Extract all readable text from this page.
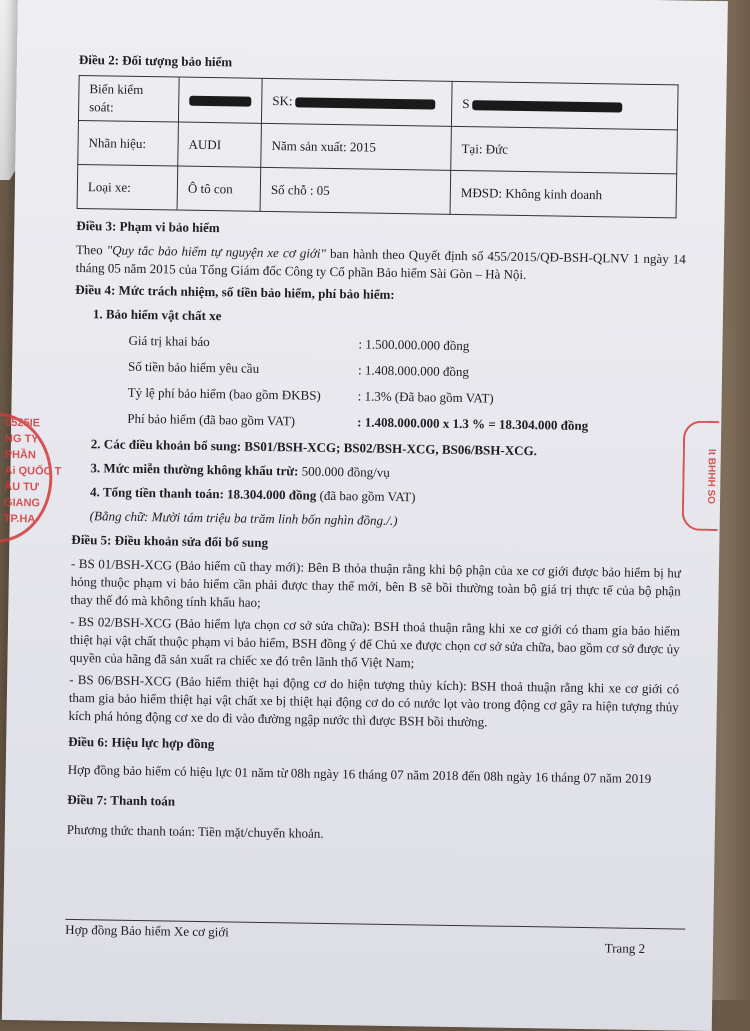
Điều 2: Đối tượng bảo hiểm
Biển kiểm soát:		SK:	S
Nhãn hiệu:	AUDI	Năm sản xuất: 2015	Tại: Đức
Loại xe:	Ô tô con	Số chỗ : 05	MĐSD: Không kinh doanh
Điều 3: Phạm vi bảo hiểm

Theo "Quy tắc bảo hiểm tự nguyện xe cơ giới" ban hành theo Quyết định số 455/2015/QĐ-BSH-QLNV 1 ngày 14 tháng 05 năm 2015 của Tổng Giám đốc Công ty Cổ phần Bảo hiểm Sài Gòn – Hà Nội.

Điều 4: Mức trách nhiệm, số tiền bảo hiểm, phí bảo hiểm:
1. Bảo hiểm vật chất xe
Giá trị khai báo	: 1.500.000.000 đồng
Số tiền bảo hiểm yêu cầu	: 1.408.000.000 đồng
Tỷ lệ phí bảo hiểm (bao gồm ĐKBS)	: 1.3% (Đã bao gồm VAT)
Phí bảo hiểm (đã bao gồm VAT)	: 1.408.000.000 x 1.3 % = 18.304.000 đồng
2. Các điều khoản bổ sung: BS01/BSH-XCG; BS02/BSH-XCG, BS06/BSH-XCG.
3. Mức miễn thường không khấu trừ: 500.000 đồng/vụ
4. Tổng tiền thanh toán: 18.304.000 đồng (đã bao gồm VAT)

(Bằng chữ: Mười tám triệu ba trăm linh bốn nghìn đồng./.)

Điều 5: Điều khoản sửa đổi bổ sung

- BS 01/BSH-XCG (Bảo hiểm cũ thay mới): Bên B thỏa thuận rằng khi bộ phận của xe cơ giới được bảo hiểm bị hư hỏng thuộc phạm vi bảo hiểm cần phải được thay thế mới, bên B sẽ bồi thường toàn bộ giá trị thực tế của bộ phận thay thế đó mà không tính khấu hao;

- BS 02/BSH-XCG (Bảo hiểm lựa chọn cơ sở sửa chữa): BSH thoả thuận rằng khi xe cơ giới có tham gia bảo hiểm thiệt hại vật chất thuộc phạm vi bảo hiểm, BSH đồng ý để Chủ xe được chọn cơ sở sửa chữa, bao gồm cơ sở được ủy quyền của hãng đã sản xuất ra chiếc xe đó trên lãnh thổ Việt Nam;

- BS 06/BSH-XCG (Bảo hiểm thiệt hại động cơ do hiện tượng thủy kích): BSH thoả thuận rằng khi xe cơ giới có tham gia bảo hiểm thiệt hại vật chất xe bị thiệt hại động cơ do có nước lọt vào trong động cơ gây ra hiện tượng thủy kích phá hỏng động cơ xe do đi vào đường ngập nước thì được BSH bồi thường.

Điều 6: Hiệu lực hợp đồng

Hợp đồng bảo hiểm có hiệu lực 01 năm từ 08h ngày 16 tháng 07 năm 2018 đến 08h ngày 16 tháng 07 năm 2019

Điều 7: Thanh toán

Phương thức thanh toán: Tiền mặt/chuyển khoản.

Hợp đồng Bảo hiểm Xe cơ giới
Trang 2
0525IE
NG TY
PHẦN
Ai QUỐC T
ẦU TƯ
GIANG
TP.HA
lt BHHH SO
